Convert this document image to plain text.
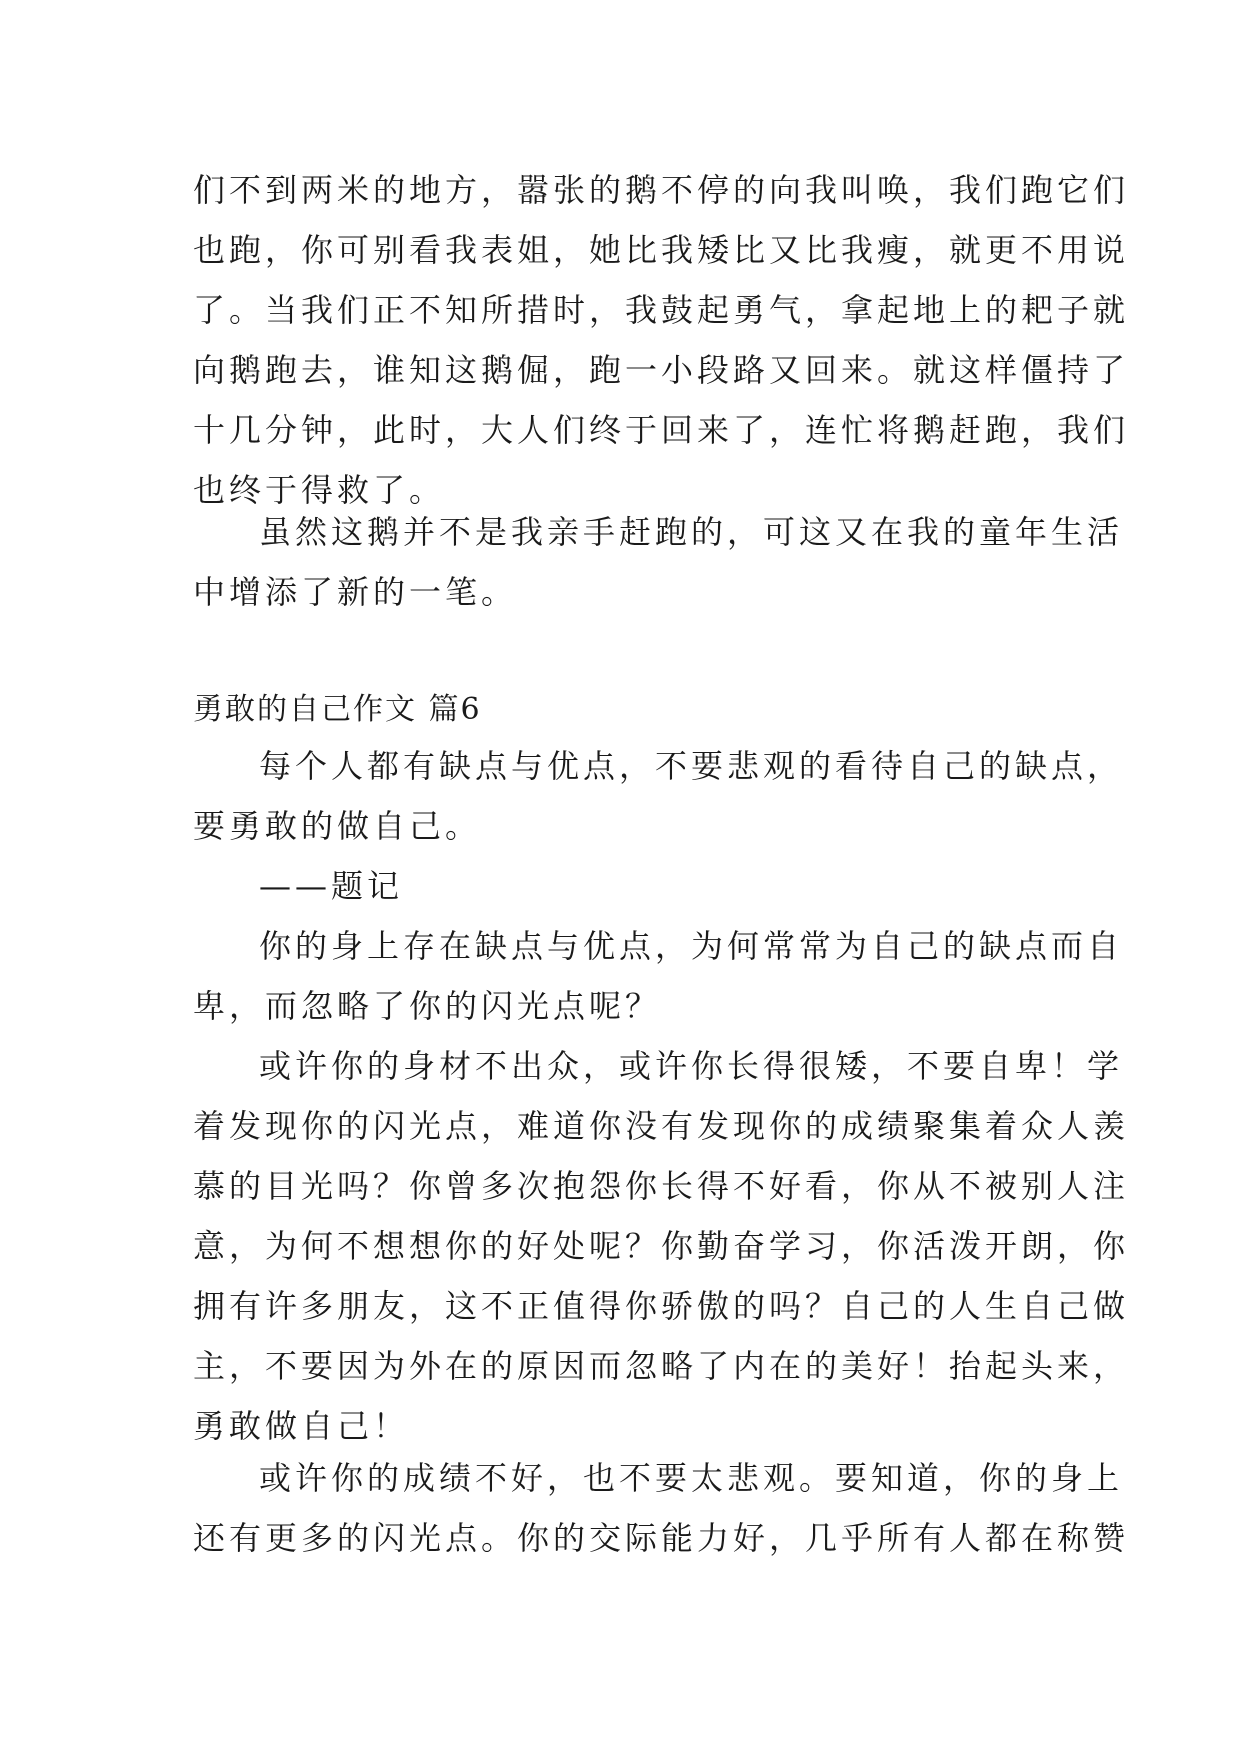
们不到两米的地方，嚣张的鹅不停的向我叫唤，我们跑它们
也跑，你可别看我表姐，她比我矮比又比我瘦，就更不用说
了。当我们正不知所措时，我鼓起勇气，拿起地上的耙子就
向鹅跑去，谁知这鹅倔，跑一小段路又回来。就这样僵持了
十几分钟，此时，大人们终于回来了，连忙将鹅赶跑，我们
也终于得救了。
虽然这鹅并不是我亲手赶跑的，可这又在我的童年生活
中增添了新的一笔。
勇敢的自己作文 篇6
每个人都有缺点与优点，不要悲观的看待自己的缺点，
要勇敢的做自己。
——题记
你的身上存在缺点与优点，为何常常为自己的缺点而自
卑，而忽略了你的闪光点呢？
或许你的身材不出众，或许你长得很矮，不要自卑！学
着发现你的闪光点，难道你没有发现你的成绩聚集着众人羡
慕的目光吗？你曾多次抱怨你长得不好看，你从不被别人注
意，为何不想想你的好处呢？你勤奋学习，你活泼开朗，你
拥有许多朋友，这不正值得你骄傲的吗？自己的人生自己做
主，不要因为外在的原因而忽略了内在的美好！抬起头来，
勇敢做自己！
或许你的成绩不好，也不要太悲观。要知道，你的身上
还有更多的闪光点。你的交际能力好，几乎所有人都在称赞
